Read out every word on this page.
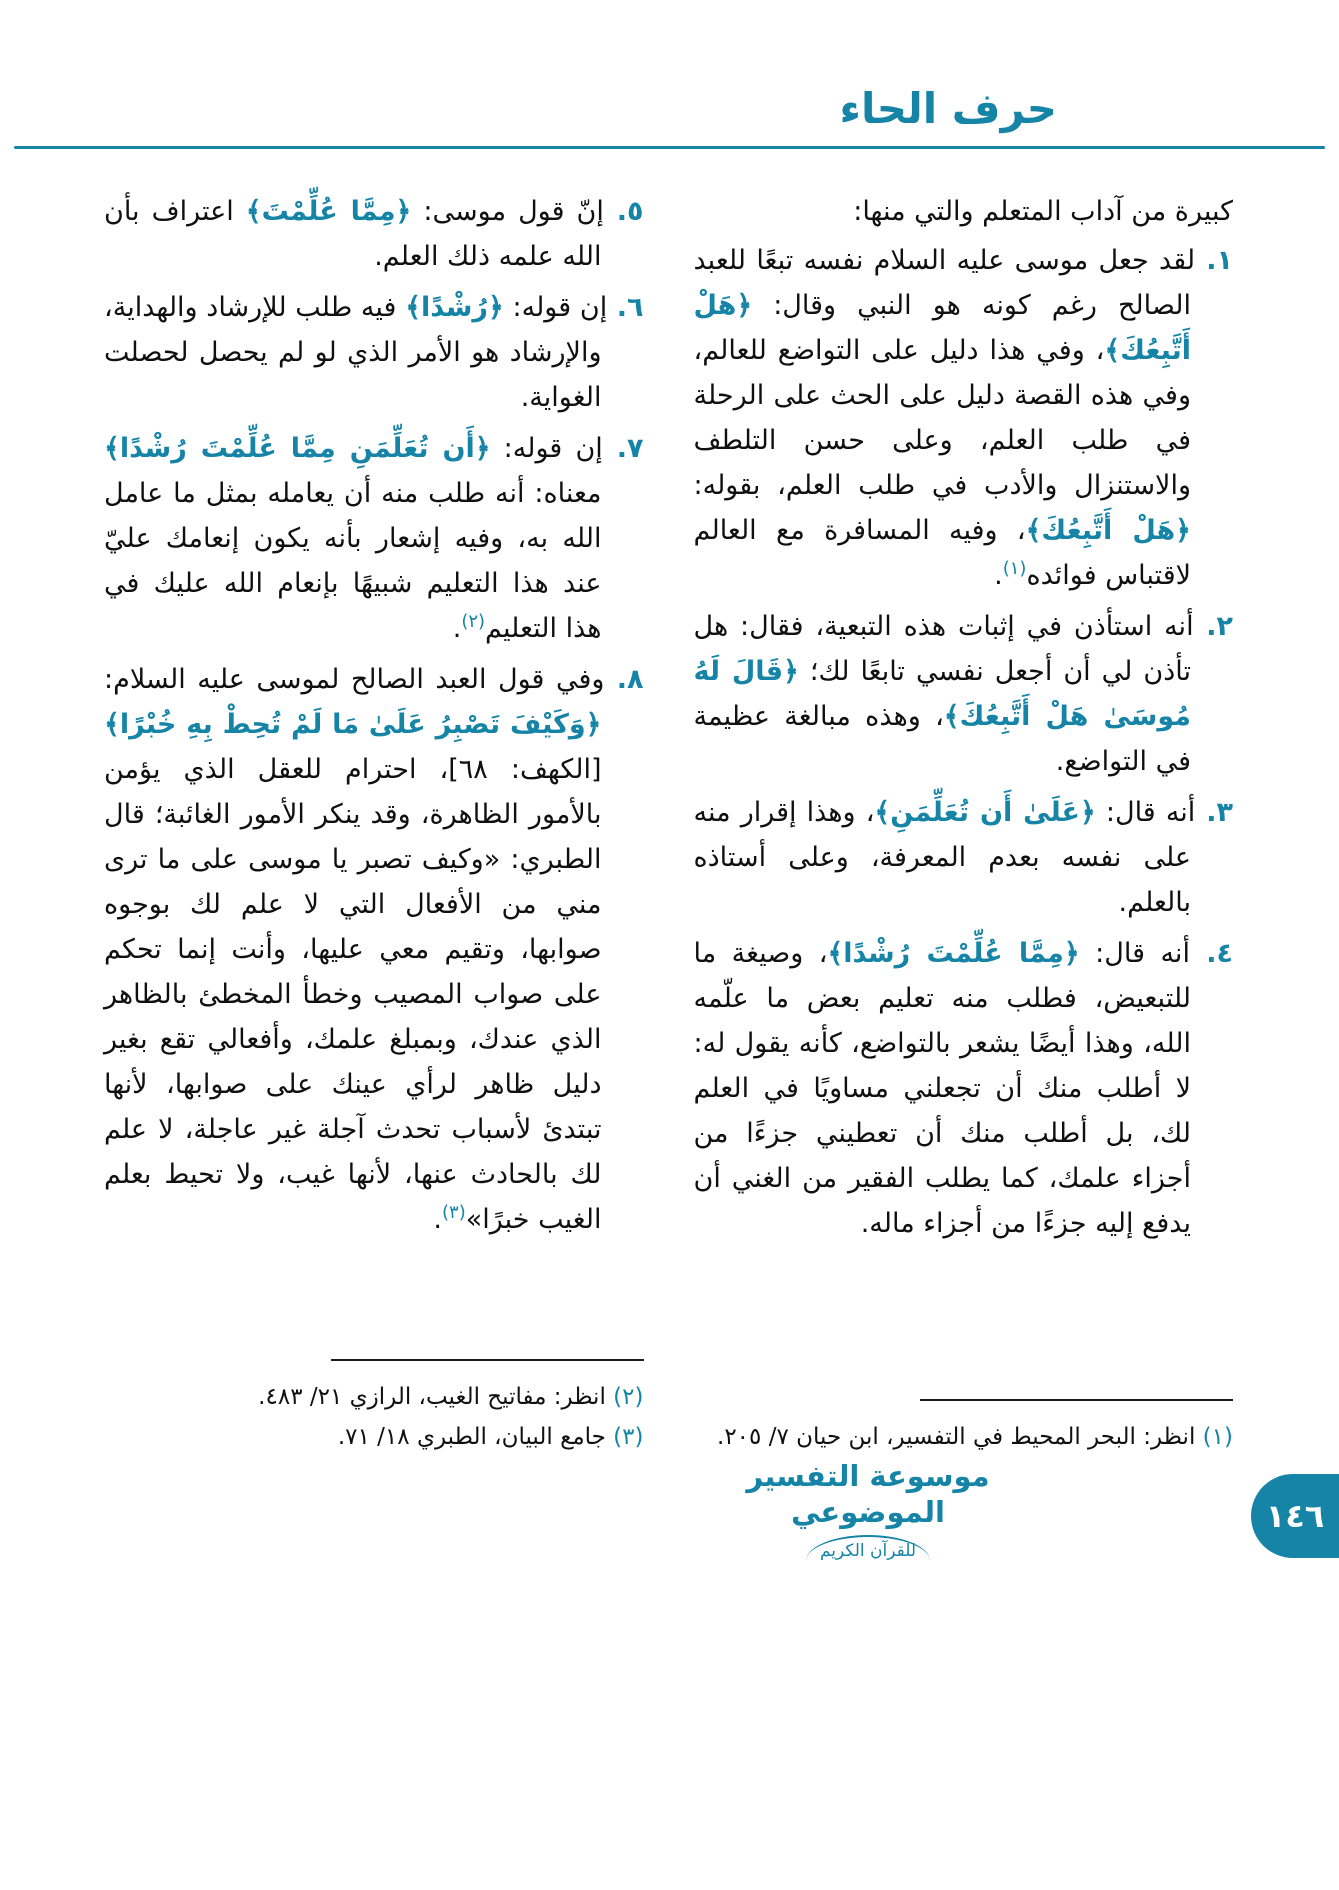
حرف الحاء

كبيرة من آداب المتعلم والتي منها:

١. لقد جعل موسى عليه السلام نفسه تبعًا للعبد الصالح رغم كونه هو النبي وقال: ﴿هَلْ أَتَّبِعُكَ﴾، وفي هذا دليل على التواضع للعالم، وفي هذه القصة دليل على الحث على الرحلة في طلب العلم، وعلى حسن التلطف والاستنزال والأدب في طلب العلم، بقوله: ﴿هَلْ أَتَّبِعُكَ﴾، وفيه المسافرة مع العالم لاقتباس فوائده$^{(١)}$.
٢. أنه استأذن في إثبات هذه التبعية، فقال: هل تأذن لي أن أجعل نفسي تابعًا لك؛ ﴿قَالَ لَهُ مُوسَىٰ هَلْ أَتَّبِعُكَ﴾، وهذه مبالغة عظيمة في التواضع.
٣. أنه قال: ﴿عَلَىٰ أَن تُعَلِّمَنِ﴾، وهذا إقرار منه على نفسه بعدم المعرفة، وعلى أستاذه بالعلم.
٤. أنه قال: ﴿مِمَّا عُلِّمْتَ رُشْدًا﴾، وصيغة ما للتبعيض، فطلب منه تعليم بعض ما علّمه الله، وهذا أيضًا يشعر بالتواضع، كأنه يقول له: لا أطلب منك أن تجعلني مساويًا في العلم لك، بل أطلب منك أن تعطيني جزءًا من أجزاء علمك، كما يطلب الفقير من الغني أن يدفع إليه جزءًا من أجزاء ماله.
(١) انظر: البحر المحيط في التفسير، ابن حيان ٧/ ٢٠٥.
٥. إنّ قول موسى: ﴿مِمَّا عُلِّمْتَ﴾ اعتراف بأن الله علمه ذلك العلم.
٦. إن قوله: ﴿رُشْدًا﴾ فيه طلب للإرشاد والهداية، والإرشاد هو الأمر الذي لو لم يحصل لحصلت الغواية.
٧. إن قوله: ﴿أَن تُعَلِّمَنِ مِمَّا عُلِّمْتَ رُشْدًا﴾ معناه: أنه طلب منه أن يعامله بمثل ما عامل الله به، وفيه إشعار بأنه يكون إنعامك عليّ عند هذا التعليم شبيهًا بإنعام الله عليك في هذا التعليم$^{(٢)}$.
٨. وفي قول العبد الصالح لموسى عليه السلام: ﴿وَكَيْفَ تَصْبِرُ عَلَىٰ مَا لَمْ تُحِطْ بِهِ خُبْرًا﴾ [الكهف: ٦٨]، احترام للعقل الذي يؤمن بالأمور الظاهرة، وقد ينكر الأمور الغائبة؛ قال الطبري: «وكيف تصبر يا موسى على ما ترى مني من الأفعال التي لا علم لك بوجوه صوابها، وتقيم معي عليها، وأنت إنما تحكم على صواب المصيب وخطأ المخطئ بالظاهر الذي عندك، وبمبلغ علمك، وأفعالي تقع بغير دليل ظاهر لرأي عينك على صوابها، لأنها تبتدئ لأسباب تحدث آجلة غير عاجلة، لا علم لك بالحادث عنها، لأنها غيب، ولا تحيط بعلم الغيب خبرًا»$^{(٣)}$.
(٢) انظر: مفاتيح الغيب، الرازي ٢١/ ٤٨٣.
(٣) جامع البيان، الطبري ١٨/ ٧١.
موسوعة التفسير الموضوعي
للقرآن الكريم
١٤٦
